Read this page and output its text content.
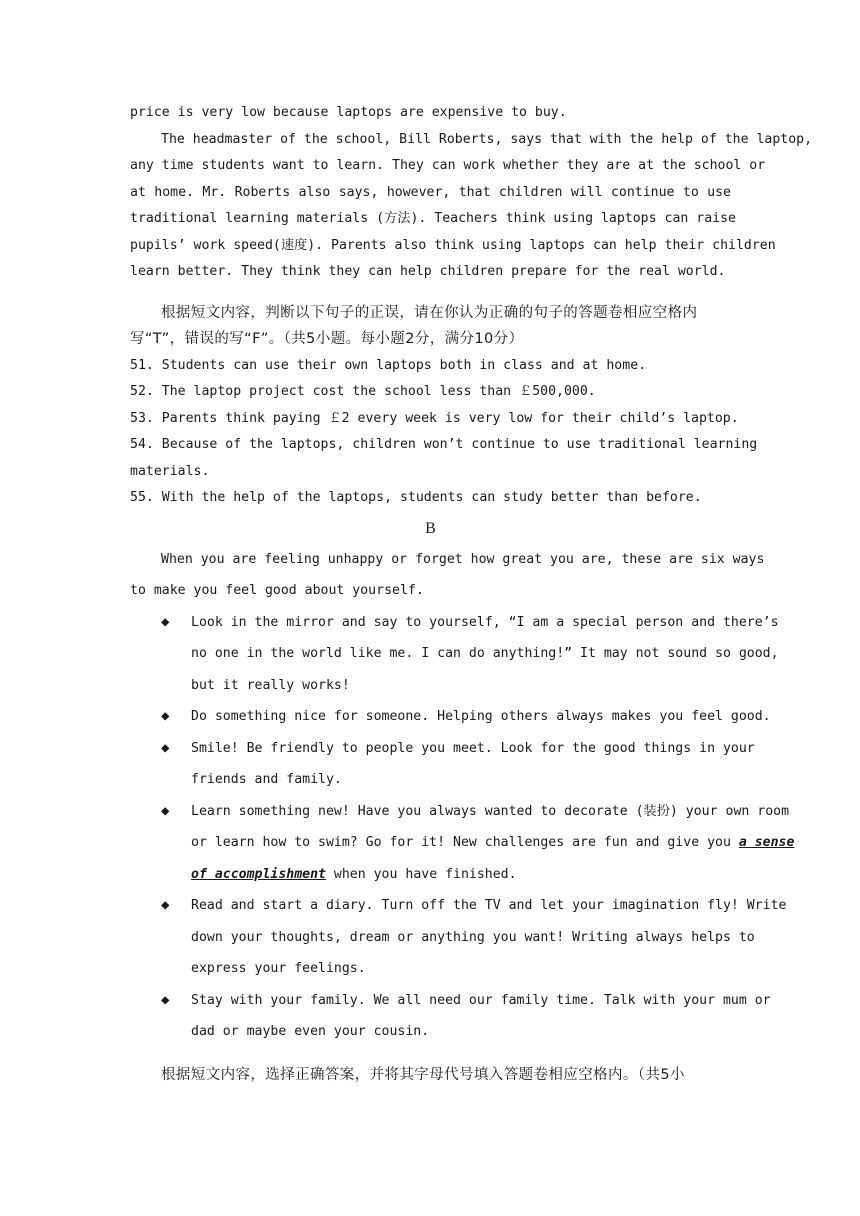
price is very low because laptops are expensive to buy.
The headmaster of the school, Bill Roberts, says that with the help of the laptop,
any time students want to learn. They can work whether they are at the school or
at home. Mr. Roberts also says, however, that children will continue to use
traditional learning materials (方法). Teachers think using laptops can raise
pupils’ work speed(速度). Parents also think using laptops can help their children
learn better. They think they can help children prepare for the real world.
根据短文内容，判断以下句子的正误，请在你认为正确的句子的答题卷相应空格内
写“T”，错误的写“F”。（共5小题。每小题2分，满分10分）
51. Students can use their own laptops both in class and at home.
52. The laptop project cost the school less than ￡500,000.
53. Parents think paying ￡2 every week is very low for their child’s laptop.
54. Because of the laptops, children won’t continue to use traditional learning
materials.
55. With the help of the laptops, students can study better than before.
B
When you are feeling unhappy or forget how great you are, these are six ways
to make you feel good about yourself.
◆ Look in the mirror and say to yourself, “I am a special person and there’s
no one in the world like me. I can do anything!” It may not sound so good,
but it really works!
◆ Do something nice for someone. Helping others always makes you feel good.
◆ Smile! Be friendly to people you meet. Look for the good things in your
friends and family.
◆ Learn something new! Have you always wanted to decorate (装扮) your own room
or learn how to swim? Go for it! New challenges are fun and give you a sense
of accomplishment when you have finished.
◆ Read and start a diary. Turn off the TV and let your imagination fly! Write
down your thoughts, dream or anything you want! Writing always helps to
express your feelings.
◆ Stay with your family. We all need our family time. Talk with your mum or
dad or maybe even your cousin.
根据短文内容，选择正确答案，并将其字母代号填入答题卷相应空格内。（共5小
